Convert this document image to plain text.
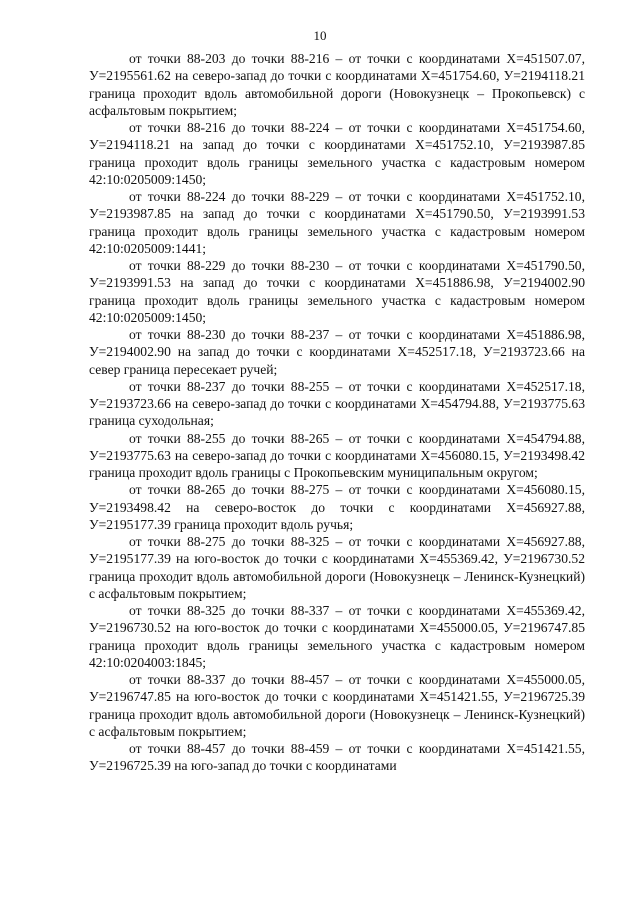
10

от точки 88-203 до точки 88-216 – от точки с координатами Х=451507.07, У=2195561.62 на северо-запад до точки с координатами Х=451754.60, У=2194118.21 граница проходит вдоль автомобильной дороги (Новокузнецк – Прокопьевск) с асфальтовым покрытием;

от точки 88-216 до точки 88-224 – от точки с координатами Х=451754.60, У=2194118.21 на запад до точки с координатами Х=451752.10, У=2193987.85 граница проходит вдоль границы земельного участка с кадастровым номером 42:10:0205009:1450;

от точки 88-224 до точки 88-229 – от точки с координатами Х=451752.10, У=2193987.85 на запад до точки с координатами Х=451790.50, У=2193991.53 граница проходит вдоль границы земельного участка с кадастровым номером 42:10:0205009:1441;

от точки 88-229 до точки 88-230 – от точки с координатами Х=451790.50, У=2193991.53 на запад до точки с координатами Х=451886.98, У=2194002.90 граница проходит вдоль границы земельного участка с кадастровым номером 42:10:0205009:1450;

от точки 88-230 до точки 88-237 – от точки с координатами Х=451886.98, У=2194002.90 на запад до точки с координатами Х=452517.18, У=2193723.66 на север граница пересекает ручей;

от точки 88-237 до точки 88-255 – от точки с координатами Х=452517.18, У=2193723.66 на северо-запад до точки с координатами Х=454794.88, У=2193775.63 граница суходольная;

от точки 88-255 до точки 88-265 – от точки с координатами Х=454794.88, У=2193775.63 на северо-запад до точки с координатами Х=456080.15, У=2193498.42 граница проходит вдоль границы с Прокопьевским муниципальным округом;

от точки 88-265 до точки 88-275 – от точки с координатами Х=456080.15, У=2193498.42 на северо-восток до точки с координатами Х=456927.88, У=2195177.39 граница проходит вдоль ручья;

от точки 88-275 до точки 88-325 – от точки с координатами Х=456927.88, У=2195177.39 на юго-восток до точки с координатами Х=455369.42, У=2196730.52 граница проходит вдоль автомобильной дороги (Новокузнецк – Ленинск-Кузнецкий) с асфальтовым покрытием;

от точки 88-325 до точки 88-337 – от точки с координатами Х=455369.42, У=2196730.52 на юго-восток до точки с координатами Х=455000.05, У=2196747.85 граница проходит вдоль границы земельного участка с кадастровым номером 42:10:0204003:1845;

от точки 88-337 до точки 88-457 – от точки с координатами Х=455000.05, У=2196747.85 на юго-восток до точки с координатами Х=451421.55, У=2196725.39 граница проходит вдоль автомобильной дороги (Новокузнецк – Ленинск-Кузнецкий) с асфальтовым покрытием;

от точки 88-457 до точки 88-459 – от точки с координатами Х=451421.55, У=2196725.39 на юго-запад до точки с координатами
